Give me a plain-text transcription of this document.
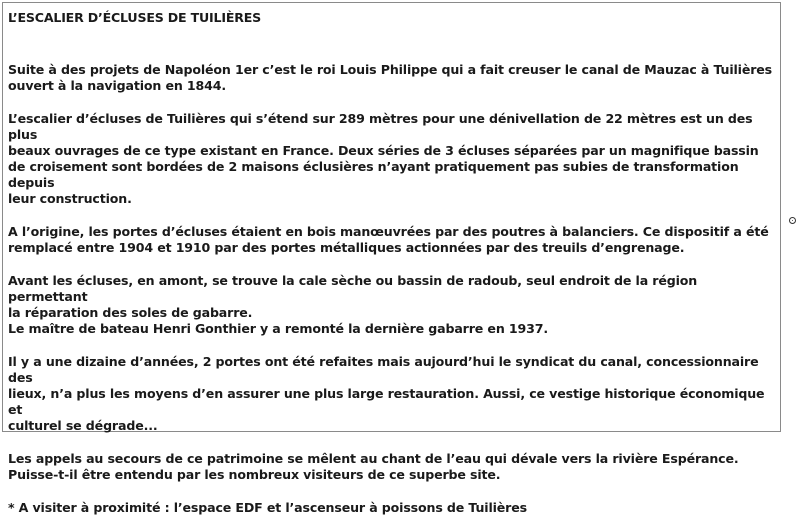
L’ESCALIER D’ÉCLUSES DE TUILIÈRES
Suite à des projets de Napoléon 1er c’est le roi Louis Philippe qui a fait creuser le canal de Mauzac à Tuilières
ouvert à la navigation en 1844.
L’escalier d’écluses de Tuilières qui s’étend sur 289 mètres pour une dénivellation de 22 mètres est un des plus
beaux ouvrages de ce type existant en France. Deux séries de 3 écluses séparées par un magnifique bassin
de croisement sont bordées de 2 maisons éclusières n’ayant pratiquement pas subies de transformation depuis
leur construction.
A l’origine, les portes d’écluses étaient en bois manœuvrées par des poutres à balanciers. Ce dispositif a été
remplacé entre 1904 et 1910 par des portes métalliques actionnées par des treuils d’engrenage.
Avant les écluses, en amont, se trouve la cale sèche ou bassin de radoub, seul endroit de la région permettant
la réparation des soles de gabarre.
Le maître de bateau Henri Gonthier y a remonté la dernière gabarre en 1937.
Il y a une dizaine d’années, 2 portes ont été refaites mais aujourd’hui le syndicat du canal, concessionnaire des
lieux, n’a plus les moyens d’en assurer une plus large restauration. Aussi, ce vestige historique économique et
culturel se dégrade...
Les appels au secours de ce patrimoine se mêlent au chant de l’eau qui dévale vers la rivière Espérance.
Puisse-t-il être entendu par les nombreux visiteurs de ce superbe site.
* A visiter à proximité : l’espace EDF et l’ascenseur à poissons de Tuilières
